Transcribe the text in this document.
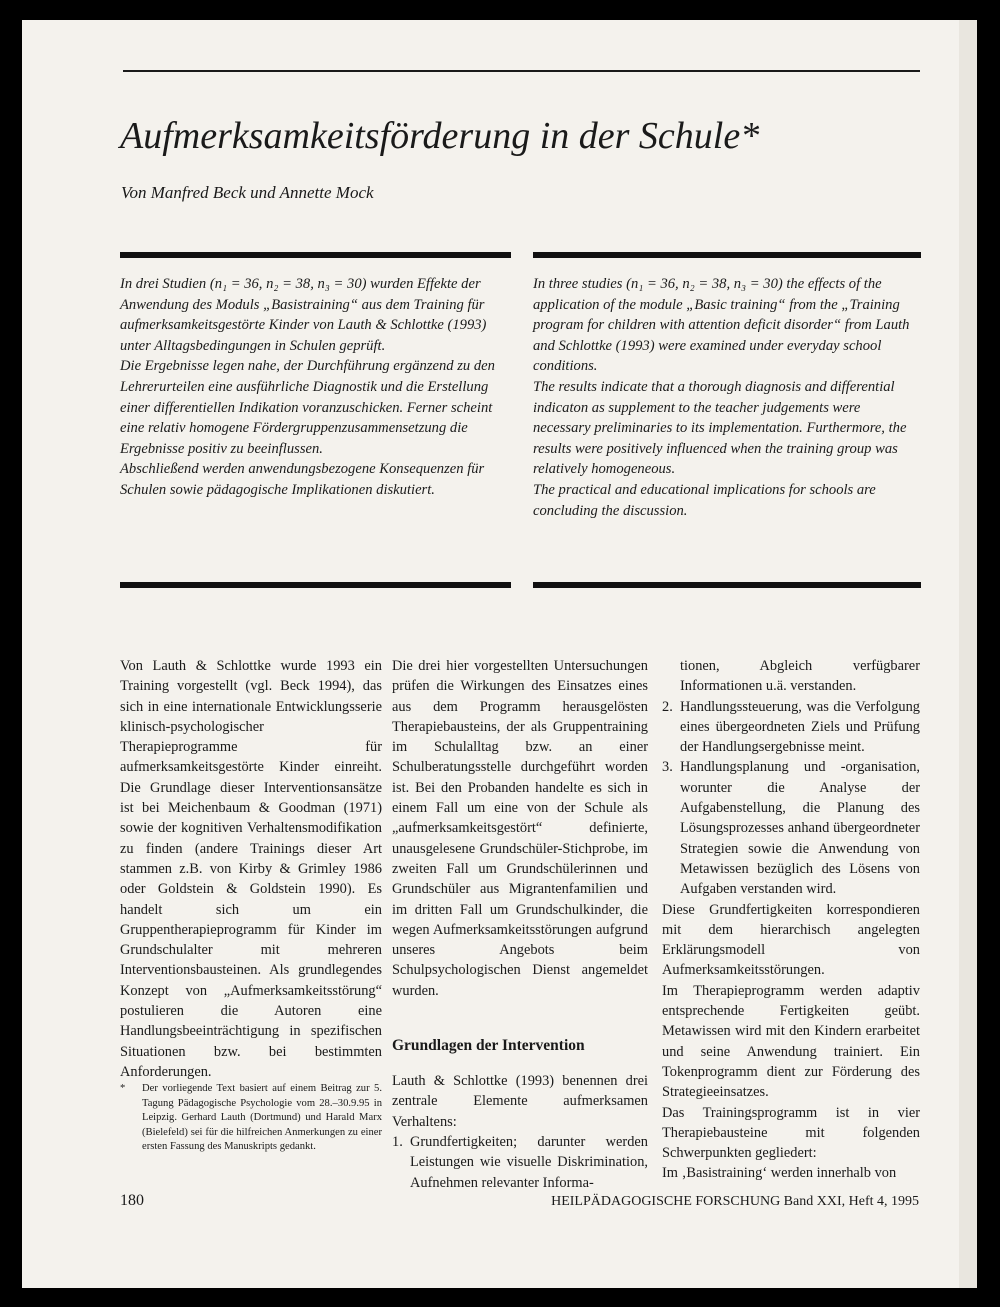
Aufmerksamkeitsförderung in der Schule*

Von Manfred Beck und Annette Mock

In drei Studien (n₁ = 36, n₂ = 38, n₃ = 30) wurden Effekte der Anwendung des Moduls „Basistraining“ aus dem Training für aufmerksamkeitsgestörte Kinder von Lauth & Schlottke (1993) unter Alltagsbedingungen in Schulen geprüft.

Die Ergebnisse legen nahe, der Durchführung ergänzend zu den Lehrerurteilen eine ausführliche Diagnostik und die Erstellung einer differentiellen Indikation voranzuschicken. Ferner scheint eine relativ homogene Fördergruppenzusammensetzung die Ergebnisse positiv zu beeinflussen.

Abschließend werden anwendungsbezogene Konsequenzen für Schulen sowie pädagogische Implikationen diskutiert.

In three studies (n₁ = 36, n₂ = 38, n₃ = 30) the effects of the application of the module „Basic training“ from the „Training program for children with attention deficit disorder“ from Lauth and Schlottke (1993) were examined under everyday school conditions.

The results indicate that a thorough diagnosis and differential indicaton as supplement to the teacher judgements were necessary preliminaries to its implementation. Furthermore, the results were positively influenced when the training group was relatively homogeneous.

The practical and educational implications for schools are concluding the discussion.

Von Lauth & Schlottke wurde 1993 ein Training vorgestellt (vgl. Beck 1994), das sich in eine internationale Entwicklungsserie klinisch-psychologischer Therapieprogramme für aufmerksamkeitsgestörte Kinder einreiht. Die Grundlage dieser Interventionsansätze ist bei Meichenbaum & Goodman (1971) sowie der kognitiven Verhaltensmodifikation zu finden (andere Trainings dieser Art stammen z.B. von Kirby & Grimley 1986 oder Goldstein & Goldstein 1990). Es handelt sich um ein Gruppentherapieprogramm für Kinder im Grundschulalter mit mehreren Interventionsbausteinen. Als grundlegendes Konzept von „Aufmerksamkeitsstörung“ postulieren die Autoren eine Handlungsbeeinträchtigung in spezifischen Situationen bzw. bei bestimmten Anforderungen.

*	Der vorliegende Text basiert auf einem Beitrag zur 5. Tagung Pädagogische Psychologie vom 28.–30.9.95 in Leipzig. Gerhard Lauth (Dortmund) und Harald Marx (Bielefeld) sei für die hilfreichen Anmerkungen zu einer ersten Fassung des Manuskripts gedankt.

Die drei hier vorgestellten Untersuchungen prüfen die Wirkungen des Einsatzes eines aus dem Programm herausgelösten Therapiebausteins, der als Gruppentraining im Schulalltag bzw. an einer Schulberatungsstelle durchgeführt worden ist. Bei den Probanden handelte es sich in einem Fall um eine von der Schule als „aufmerksamkeitsgestört“ definierte, unausgelesene Grundschüler-Stichprobe, im zweiten Fall um Grundschülerinnen und Grundschüler aus Migrantenfamilien und im dritten Fall um Grundschulkinder, die wegen Aufmerksamkeitsstörungen aufgrund unseres Angebots beim Schulpsychologischen Dienst angemeldet wurden.

Grundlagen der Intervention

Lauth & Schlottke (1993) benennen drei zentrale Elemente aufmerksamen Verhaltens:

1. Grundfertigkeiten; darunter werden Leistungen wie visuelle Diskrimination, Aufnehmen relevanter Informa-
tionen, Abgleich verfügbarer Informationen u.ä. verstanden.
2. Handlungssteuerung, was die Verfolgung eines übergeordneten Ziels und Prüfung der Handlungsergebnisse meint.
3. Handlungsplanung und -organisation, worunter die Analyse der Aufgabenstellung, die Planung des Lösungsprozesses anhand übergeordneter Strategien sowie die Anwendung von Metawissen bezüglich des Lösens von Aufgaben verstanden wird.

Diese Grundfertigkeiten korrespondieren mit dem hierarchisch angelegten Erklärungsmodell von Aufmerksamkeitsstörungen.

Im Therapieprogramm werden adaptiv entsprechende Fertigkeiten geübt. Metawissen wird mit den Kindern erarbeitet und seine Anwendung trainiert. Ein Tokenprogramm dient zur Förderung des Strategieeinsatzes.

Das Trainingsprogramm ist in vier Therapiebausteine mit folgenden Schwerpunkten gegliedert:

Im ‚Basistraining‘ werden innerhalb von

180	HEILPÄDAGOGISCHE FORSCHUNG Band XXI, Heft 4, 1995
